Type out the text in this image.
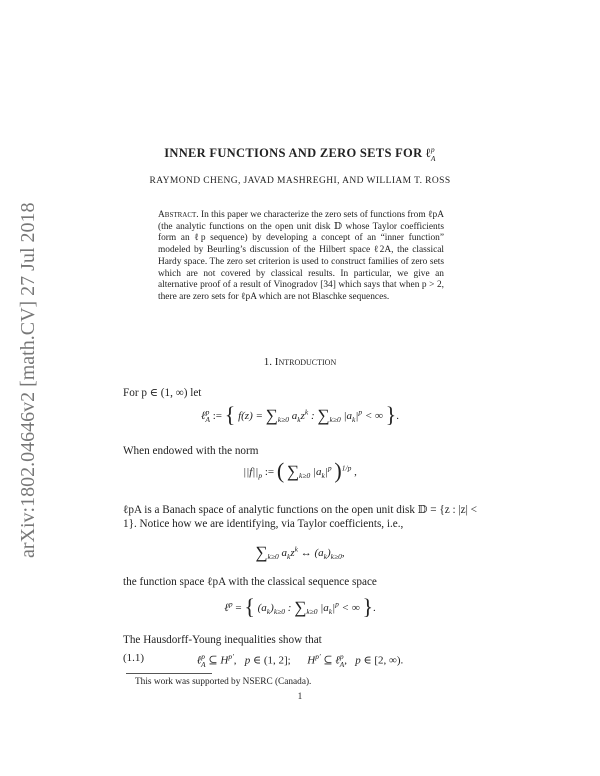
arXiv:1802.04646v2 [math.CV] 27 Jul 2018
INNER FUNCTIONS AND ZERO SETS FOR ℓ$^p_A$
RAYMOND CHENG, JAVAD MASHREGHI, AND WILLIAM T. ROSS
Abstract. In this paper we characterize the zero sets of functions from ℓpA (the analytic functions on the open unit disk 𝔻 whose Taylor coefficients form an ℓp sequence) by developing a concept of an “inner function” modeled by Beurling’s discussion of the Hilbert space ℓ2A, the classical Hardy space. The zero set criterion is used to construct families of zero sets which are not covered by classical results. In particular, we give an alternative proof of a result of Vinogradov [34] which says that when p > 2, there are zero sets for ℓpA which are not Blaschke sequences.
1. Introduction
For p ∈ (1, ∞) let
ℓ$^p_A$ := { $f(z) = \sum_{k\ge 0}$ $a_kz^k$ : $\sum_{k\ge 0}$ $|a_k|^p$ < ∞ }.
When endowed with the norm
$||f||_p$ := ( $\sum_{k\ge 0}$ $|a_k|^p$ )$^{1/p}$ ,
ℓpA is a Banach space of analytic functions on the open unit disk 𝔻 = {z : |z| < 1}. Notice how we are identifying, via Taylor coefficients, i.e.,
$\sum_{k\ge 0}$ $a_kz^k$ ↔ $(a_k)_{k\ge 0}$,
the function space ℓpA with the classical sequence space
ℓ$^p$ = { $(a_k)_{k\ge 0}$ : $\sum_{k\ge 0}$ $|a_k|^p$ < ∞ }.
The Hausdorff-Young inequalities show that
(1.1)	ℓ$^p_A$ ⊆ $H^{p'}$,   p ∈ (1, 2];      $H^{p'}$ ⊆ ℓ$^p_A$,   p ∈ [2, ∞).
This work was supported by NSERC (Canada).
1
